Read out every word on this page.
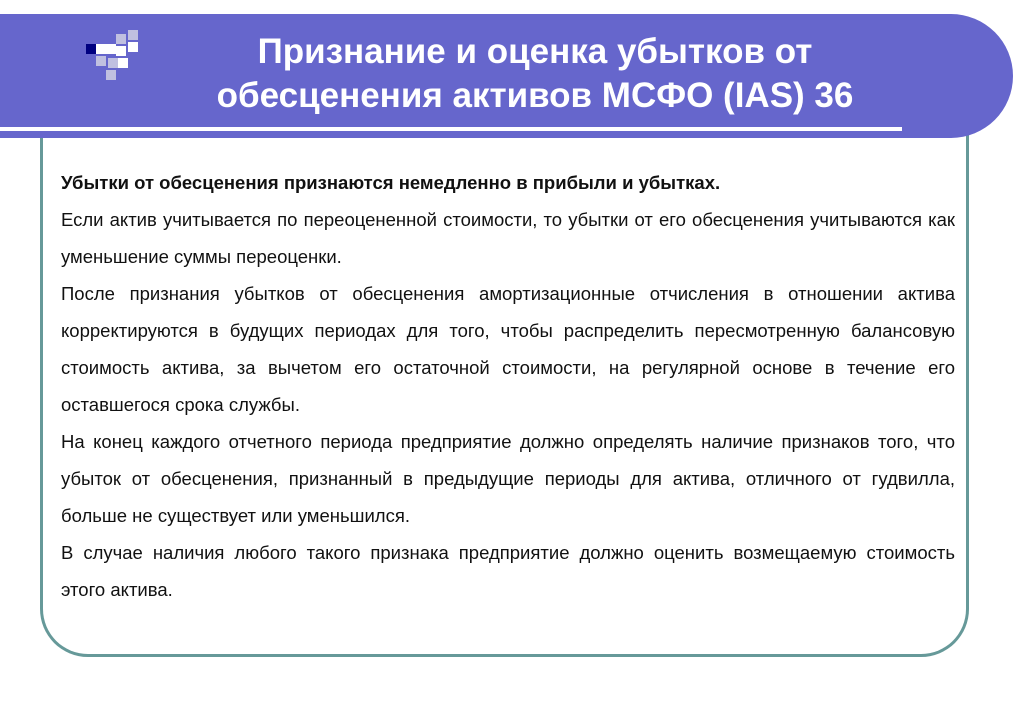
Признание и оценка убытков от
обесценения активов МСФО (IAS) 36

Убытки от обесценения признаются немедленно в прибыли и убытках.

Если актив учитывается по переоцененной стоимости, то убытки от его обесценения учитываются как уменьшение суммы переоценки.

После признания убытков от обесценения амортизационные отчисления в отношении актива корректируются в будущих периодах для того, чтобы распределить пересмотренную балансовую стоимость актива, за вычетом его остаточной стоимости, на регулярной основе в течение его оставшегося срока службы.

На конец каждого отчетного периода предприятие должно определять наличие признаков того, что убыток от обесценения, признанный в предыдущие периоды для актива, отличного от гудвилла, больше не существует или уменьшился.

В случае наличия любого такого признака предприятие должно оценить возмещаемую стоимость этого актива.
